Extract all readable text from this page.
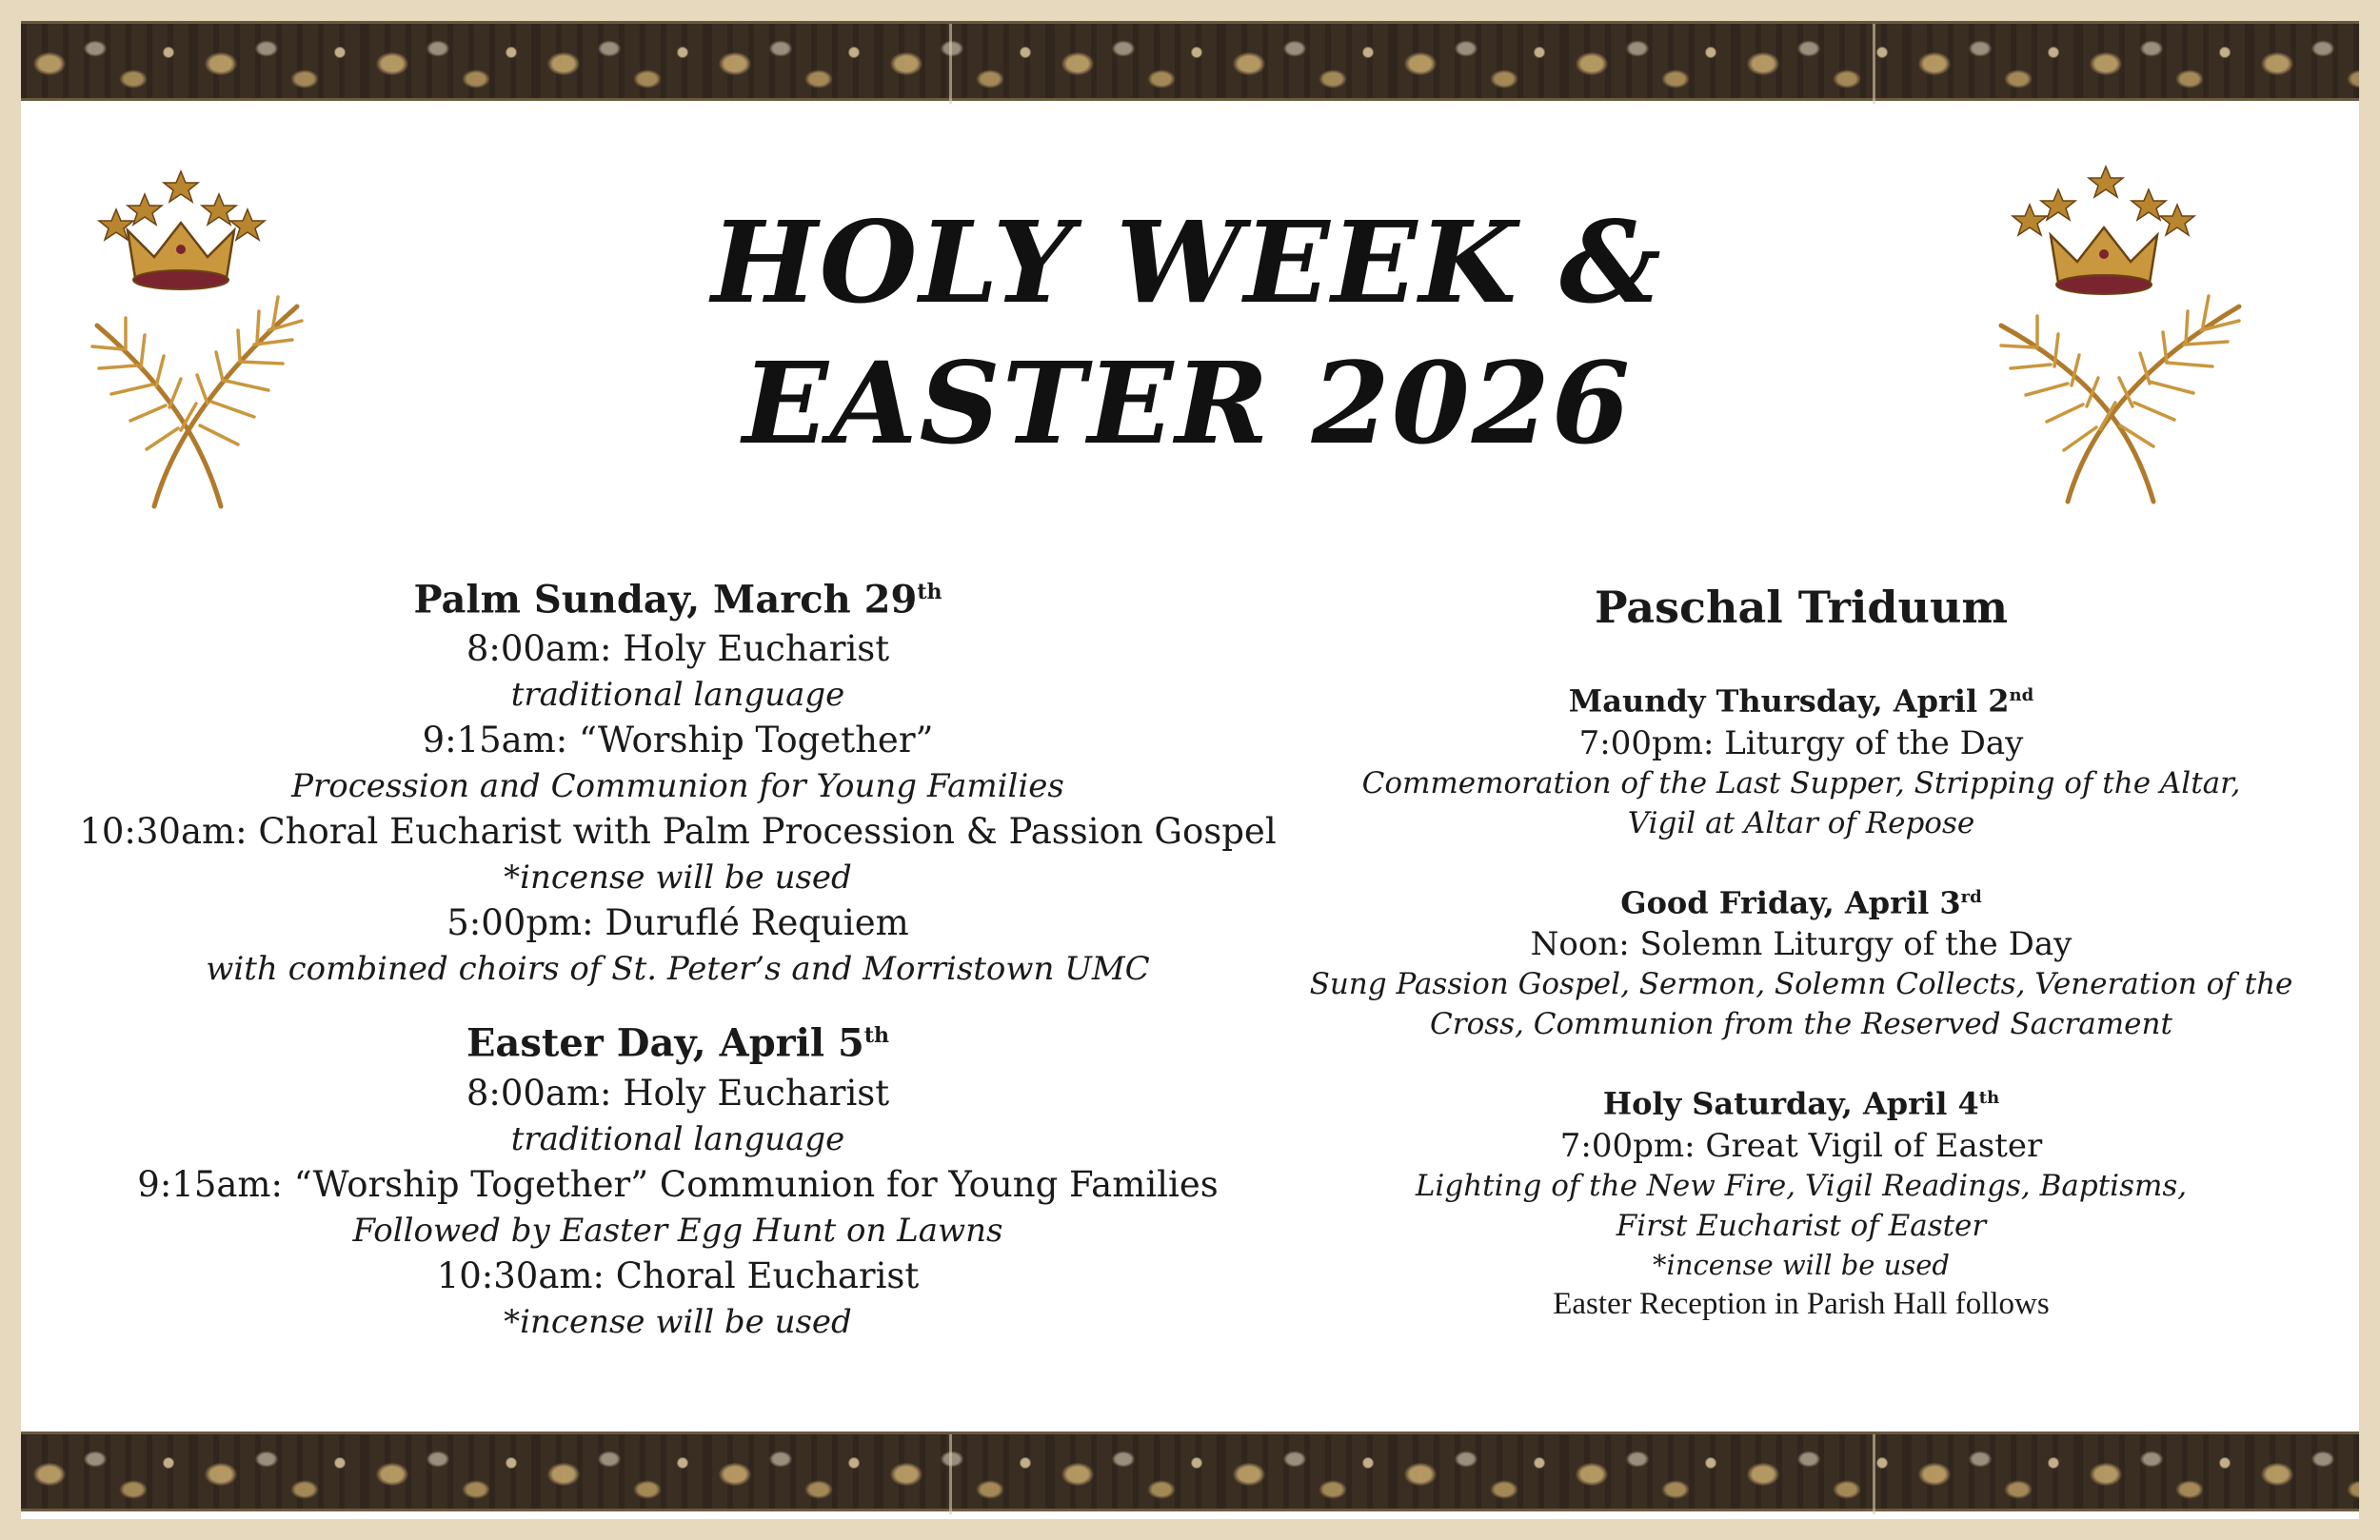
HOLY WEEK &
EASTER 2026
Palm Sunday, March 29th
8:00am: Holy Eucharist
traditional language
9:15am: “Worship Together”
Procession and Communion for Young Families
10:30am: Choral Eucharist with Palm Procession & Passion Gospel
*incense will be used
5:00pm: Duruflé Requiem
with combined choirs of St. Peter’s and Morristown UMC
Easter Day, April 5th
8:00am: Holy Eucharist
traditional language
9:15am: “Worship Together” Communion for Young Families
Followed by Easter Egg Hunt on Lawns
10:30am: Choral Eucharist
*incense will be used
Paschal Triduum
Maundy Thursday, April 2nd
7:00pm: Liturgy of the Day
Commemoration of the Last Supper, Stripping of the Altar,
Vigil at Altar of Repose
Good Friday, April 3rd
Noon: Solemn Liturgy of the Day
Sung Passion Gospel, Sermon, Solemn Collects, Veneration of the
Cross, Communion from the Reserved Sacrament
Holy Saturday, April 4th
7:00pm: Great Vigil of Easter
Lighting of the New Fire, Vigil Readings, Baptisms,
First Eucharist of Easter
*incense will be used
Easter Reception in Parish Hall follows
